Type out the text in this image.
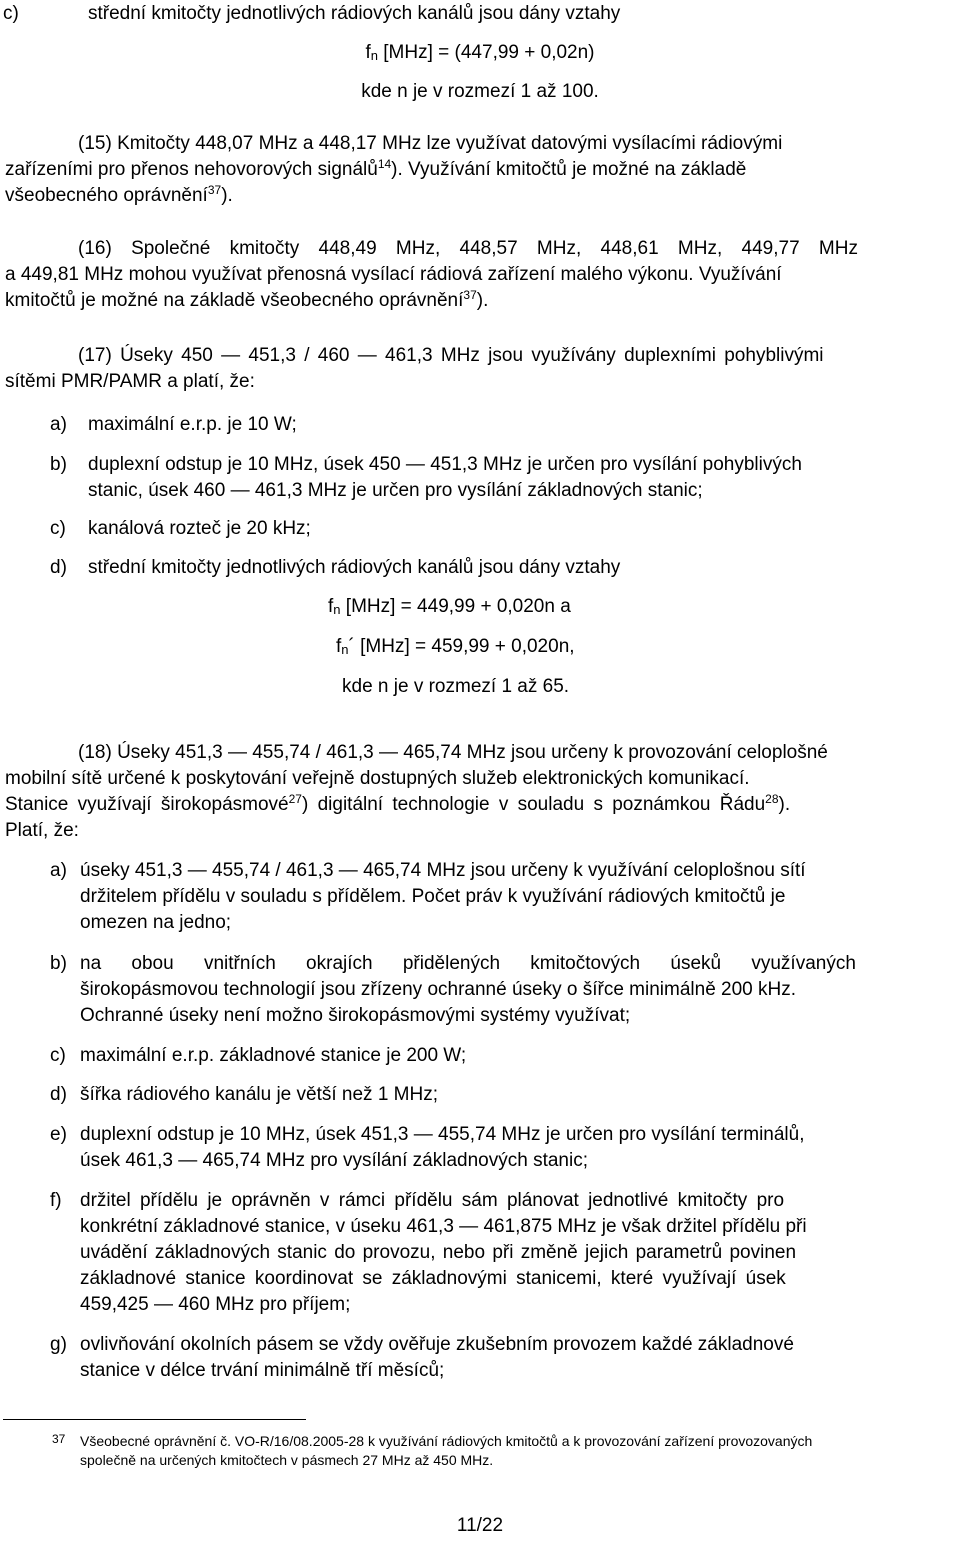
c)	střední kmitočty jednotlivých rádiových kanálů jsou dány vztahy
$f_n$ [MHz] = (447,99 + 0,02n)
kde n je v rozmezí 1 až 100.
(15) Kmitočty 448,07 MHz a 448,17 MHz lze využívat datovými vysílacími rádiovými
zařízeními pro přenos nehovorových signálů$^{14}$). Využívání kmitočtů je možné na základě
všeobecného oprávnění$^{37}$).
(16) Společné kmitočty 448,49 MHz, 448,57 MHz, 448,61 MHz, 449,77 MHz
a 449,81 MHz mohou využívat přenosná vysílací rádiová zařízení malého výkonu. Využívání
kmitočtů je možné na základě všeobecného oprávnění$^{37}$).
(17) Úseky 450 ― 451,3 / 460 ― 461,3 MHz jsou využívány duplexními pohyblivými
sítěmi PMR/PAMR a platí, že:
a) maximální e.r.p. je 10 W;
b) duplexní odstup je 10 MHz, úsek 450 ― 451,3 MHz je určen pro vysílání pohyblivých
stanic, úsek 460 ― 461,3 MHz je určen pro vysílání základnových stanic;
c) kanálová rozteč je 20 kHz;
d) střední kmitočty jednotlivých rádiových kanálů jsou dány vztahy
$f_n$ [MHz] = 449,99 + 0,020n a
$f_n´$ [MHz] = 459,99 + 0,020n,
kde n je v rozmezí 1 až 65.
(18) Úseky 451,3 ― 455,74 / 461,3 ― 465,74 MHz jsou určeny k provozování celoplošné
mobilní sítě určené k poskytování veřejně dostupných služeb elektronických komunikací.
Stanice využívají širokopásmové$^{27}$) digitální technologie v souladu s poznámkou Řádu$^{28}$).
Platí, že:
a) úseky 451,3 ― 455,74 / 461,3 ― 465,74 MHz jsou určeny k využívání celoplošnou sítí
držitelem přídělu v souladu s přídělem. Počet práv k využívání rádiových kmitočtů je
omezen na jedno;
b) na obou vnitřních okrajích přidělených kmitočtových úseků využívaných
širokopásmovou technologií jsou zřízeny ochranné úseky o šířce minimálně 200 kHz.
Ochranné úseky není možno širokopásmovými systémy využívat;
c) maximální e.r.p. základnové stanice je 200 W;
d) šířka rádiového kanálu je větší než 1 MHz;
e) duplexní odstup je 10 MHz, úsek 451,3 ― 455,74 MHz je určen pro vysílání terminálů,
úsek 461,3 ― 465,74 MHz pro vysílání základnových stanic;
f) držitel přídělu je oprávněn v rámci přídělu sám plánovat jednotlivé kmitočty pro
konkrétní základnové stanice, v úseku 461,3 ― 461,875 MHz je však držitel přídělu při
uvádění základnových stanic do provozu, nebo při změně jejich parametrů povinen
základnové stanice koordinovat se základnovými stanicemi, které využívají úsek
459,425 ― 460 MHz pro příjem;
g) ovlivňování okolních pásem se vždy ověřuje zkušebním provozem každé základnové
stanice v délce trvání minimálně tří měsíců;
37 Všeobecné oprávnění č. VO-R/16/08.2005-28 k využívání rádiových kmitočtů a k provozování zařízení provozovaných
společně na určených kmitočtech v pásmech 27 MHz až 450 MHz.
11/22
